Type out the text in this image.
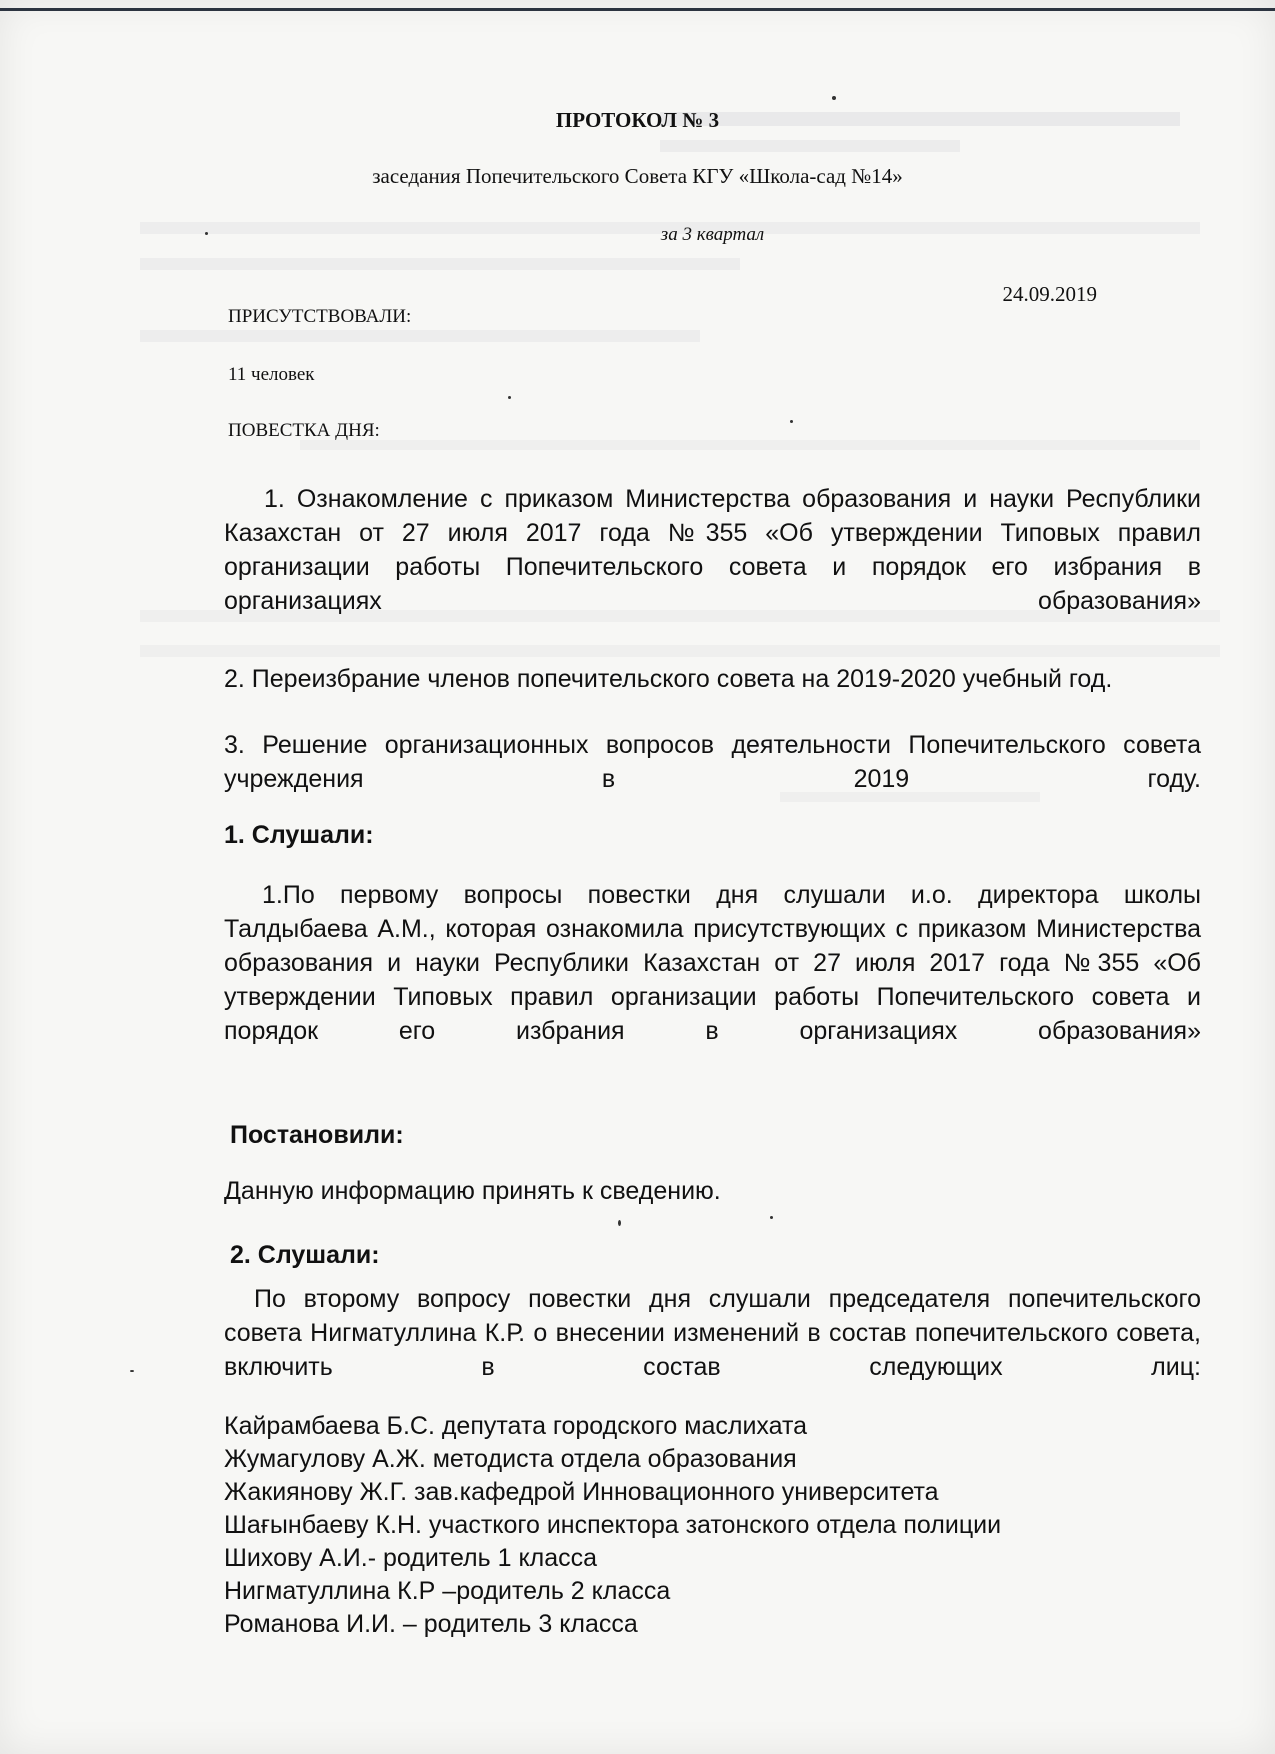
ПРОТОКОЛ № 3
заседания Попечительского Совета КГУ «Школа-сад №14»
за 3 квартал
24.09.2019
ПРИСУТСТВОВАЛИ:
11 человек
ПОВЕСТКА ДНЯ:
1. Ознакомление с приказом Министерства образования и науки Республики Казахстан от 27 июля 2017 года №355 «Об утверждении Типовых правил организации работы Попечительского совета и порядок его избрания в организациях образования»
2. Переизбрание членов попечительского совета на 2019-2020 учебный год.
3. Решение организационных вопросов деятельности Попечительского совета учреждения в 2019 году.
1. Слушали:
1.По первому вопросы повестки дня слушали и.о. директора школы Талдыбаева А.М., которая ознакомила присутствующих с приказом Министерства образования и науки Республики Казахстан от 27 июля 2017 года №355 «Об утверждении Типовых правил организации работы Попечительского совета и порядок его избрания в организациях образования»
Постановили:
Данную информацию принять к сведению.
2. Слушали:
По второму вопросу повестки дня слушали председателя попечительского совета Нигматуллина К.Р. о внесении изменений в состав попечительского совета, включить в состав следующих лиц:
Кайрамбаева Б.С. депутата городского маслихата
Жумагулову А.Ж. методиста отдела образования
Жакиянову Ж.Г. зав.кафедрой Инновационного университета
Шағынбаеву К.Н. участкого инспектора затонского отдела полиции
Шихову А.И.- родитель 1 класса
Нигматуллина К.Р –родитель 2 класса
Романова И.И. – родитель 3 класса
